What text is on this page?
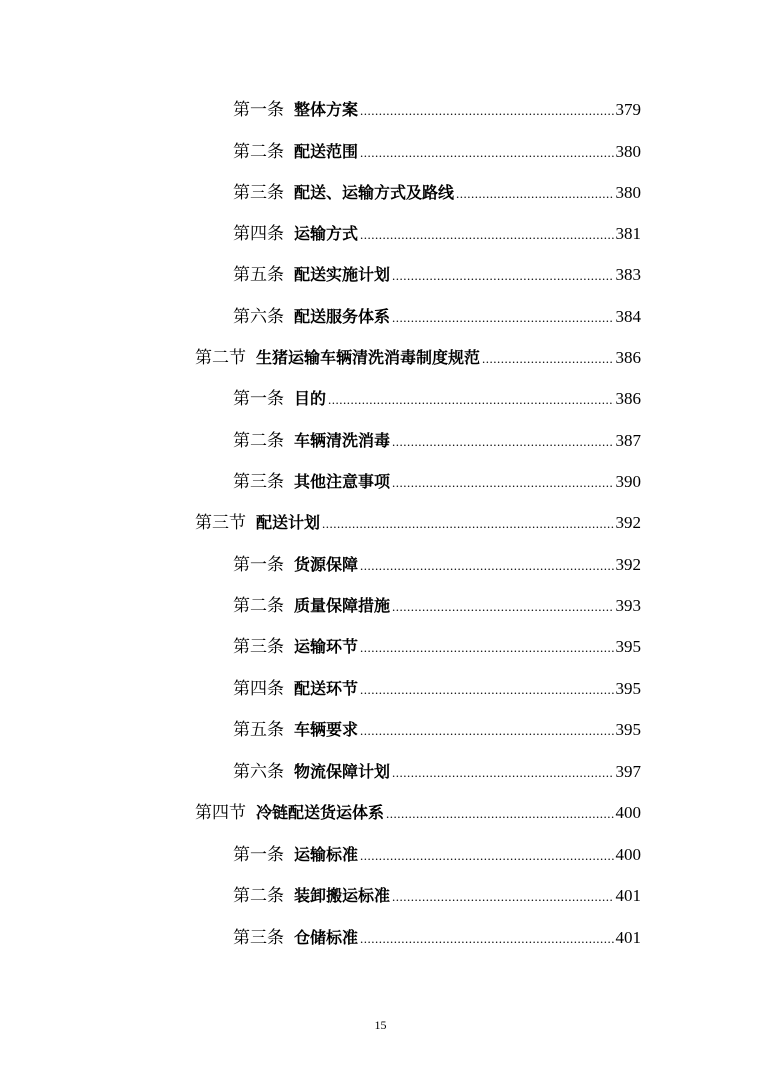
第一条 整体方案 .....	379
第二条 配送范围 .....	380
第三条 配送、运输方式及路线 .....	380
第四条 运输方式 .....	381
第五条 配送实施计划 .....	383
第六条 配送服务体系 .....	384
第二节 生猪运输车辆清洗消毒制度规范 .....	386
第一条 目的 .....	386
第二条 车辆清洗消毒 .....	387
第三条 其他注意事项 .....	390
第三节 配送计划 .....	392
第一条 货源保障 .....	392
第二条 质量保障措施 .....	393
第三条 运输环节 .....	395
第四条 配送环节 .....	395
第五条 车辆要求 .....	395
第六条 物流保障计划 .....	397
第四节 冷链配送货运体系 .....	400
第一条 运输标准 .....	400
第二条 装卸搬运标准 .....	401
第三条 仓储标准 .....	401
15
